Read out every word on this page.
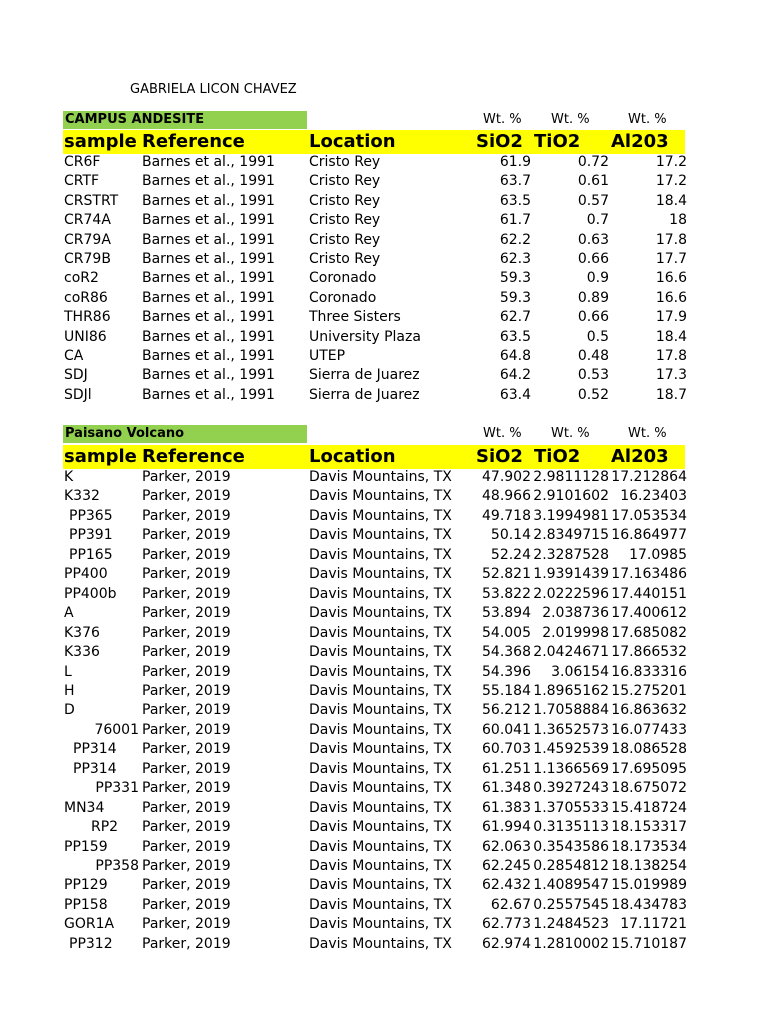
GABRIELA LICON CHAVEZ
CAMPUS ANDESITE	Wt. % Wt. %	Wt. %
sample Reference	Location	SiO2 TiO2 Al203
CR6F	Barnes et al., 1991	Cristo Rey	61.9	0.72	17.2
CRTF	Barnes et al., 1991	Cristo Rey	63.7	0.61	17.2
CRSTRT	Barnes et al., 1991	Cristo Rey	63.5	0.57	18.4
CR74A	Barnes et al., 1991	Cristo Rey	61.7	0.7	18
CR79A	Barnes et al., 1991	Cristo Rey	62.2	0.63	17.8
CR79B	Barnes et al., 1991	Cristo Rey	62.3	0.66	17.7
coR2	Barnes et al., 1991	Coronado	59.3	0.9	16.6
coR86	Barnes et al., 1991	Coronado	59.3	0.89	16.6
THR86	Barnes et al., 1991	Three Sisters	62.7	0.66	17.9
UNI86	Barnes et al., 1991	University Plaza	63.5	0.5	18.4
CA	Barnes et al., 1991	UTEP	64.8	0.48	17.8
SDJ	Barnes et al., 1991	Sierra de Juarez	64.2	0.53	17.3
SDJl	Barnes et al., 1991	Sierra de Juarez	63.4	0.52	18.7
Paisano Volcano	Wt. % Wt. %	Wt. %
sample Reference	Location	SiO2 TiO2 Al203
K	Parker, 2019	Davis Mountains, TX	47.902 2.9811128 17.212864
K332	Parker, 2019	Davis Mountains, TX	48.966 2.9101602 16.23403
PP365	Parker, 2019	Davis Mountains, TX	49.718 3.1994981 17.053534
PP391	Parker, 2019	Davis Mountains, TX	50.14 2.8349715 16.864977
PP165	Parker, 2019	Davis Mountains, TX	52.24 2.3287528	17.0985
PP400	Parker, 2019	Davis Mountains, TX	52.821 1.9391439 17.163486
PP400b	Parker, 2019	Davis Mountains, TX	53.822 2.0222596 17.440151
A	Parker, 2019	Davis Mountains, TX	53.894 2.038736 17.400612
K376	Parker, 2019	Davis Mountains, TX	54.005 2.019998 17.685082
K336	Parker, 2019	Davis Mountains, TX	54.368 2.0424671 17.866532
L	Parker, 2019	Davis Mountains, TX	54.396	3.06154 16.833316
H	Parker, 2019	Davis Mountains, TX	55.184 1.8965162 15.275201
D	Parker, 2019	Davis Mountains, TX	56.212 1.7058884 16.863632
76001 Parker, 2019	Davis Mountains, TX	60.041 1.3652573 16.077433
PP314	Parker, 2019	Davis Mountains, TX	60.703 1.4592539 18.086528
PP314	Parker, 2019	Davis Mountains, TX	61.251 1.1366569 17.695095
PP331 Parker, 2019	Davis Mountains, TX	61.348 0.3927243 18.675072
MN34	Parker, 2019	Davis Mountains, TX	61.383 1.3705533 15.418724
RP2	Parker, 2019	Davis Mountains, TX	61.994 0.3135113 18.153317
PP159	Parker, 2019	Davis Mountains, TX	62.063 0.3543586 18.173534
PP358 Parker, 2019	Davis Mountains, TX	62.245 0.2854812 18.138254
PP129	Parker, 2019	Davis Mountains, TX	62.432 1.4089547 15.019989
PP158	Parker, 2019	Davis Mountains, TX	62.67 0.2557545 18.434783
GOR1A	Parker, 2019	Davis Mountains, TX	62.773 1.2484523 17.11721
PP312	Parker, 2019	Davis Mountains, TX	62.974 1.2810002 15.710187
